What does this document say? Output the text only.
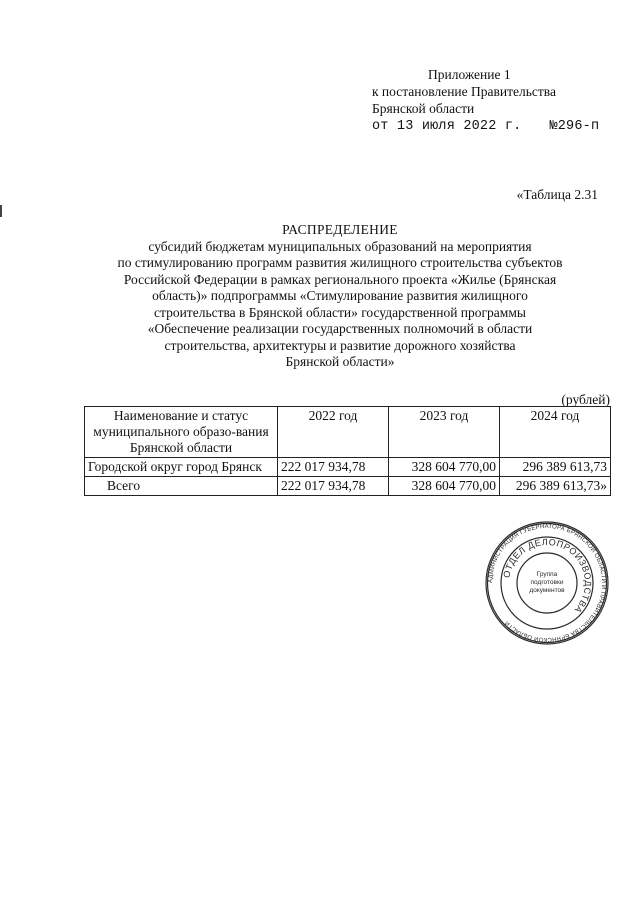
Приложение 1
к постановление Правительства
Брянской области
от 13 июля 2022 г. №296-п
«Таблица 2.31
РАСПРЕДЕЛЕНИЕ
субсидий бюджетам муниципальных образований на мероприятия
по стимулированию программ развития жилищного строительства субъектов
Российской Федерации в рамках регионального проекта «Жилье (Брянская
область)» подпрограммы «Стимулирование развития жилищного
строительства в Брянской области» государственной программы
«Обеспечение реализации государственных полномочий в области
строительства, архитектуры и развитие дорожного хозяйства
Брянской области»
(рублей)
Наименование и статус муниципального образо-вания Брянской области	2022 год	2023 год	2024 год
Городской округ город Брянск	222 017 934,78	328 604 770,00	296 389 613,73
Всего	222 017 934,78	328 604 770,00	296 389 613,73»
АДМИНИСТРАЦИЯ ГУБЕРНАТОРА БРЯНСКОЙ ОБЛАСТИ И ПРАВИТЕЛЬСТВА БРЯНСКОЙ ОБЛАСТИ
ОТДЕЛ ДЕЛОПРОИЗВОДСТВА
Группа
подготовки
документов
